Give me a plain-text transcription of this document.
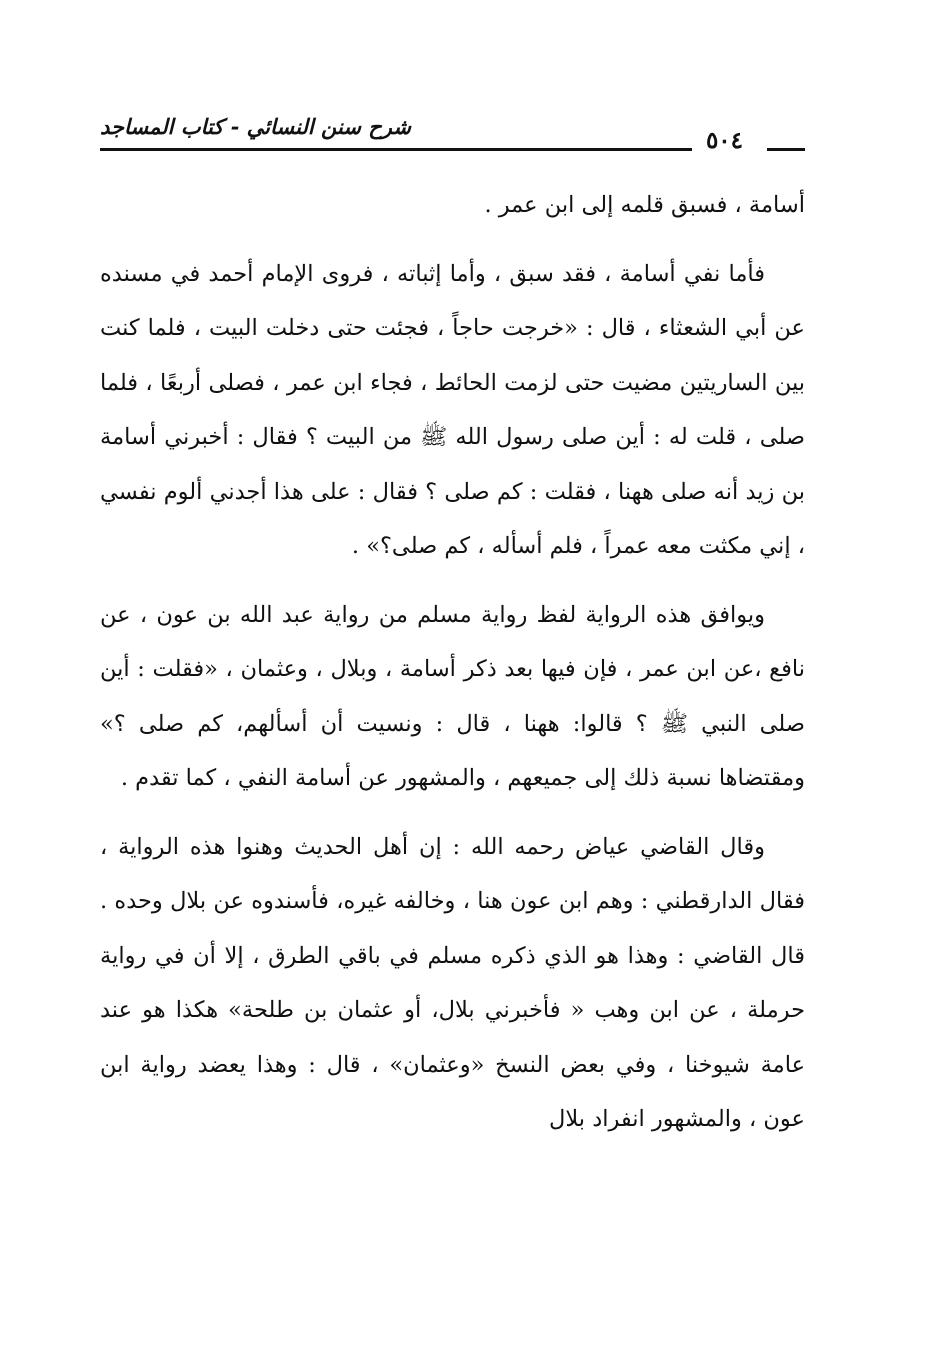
شرح سنن النسائي - كتاب المساجد
٥٠٤

أسامة ، فسبق قلمه إلى ابن عمر .

فأما نفي أسامة ، فقد سبق ، وأما إثباته ، فروى الإمام أحمد في مسنده عن أبي الشعثاء ، قال : «خرجت حاجاً ، فجئت حتى دخلت البيت ، فلما كنت بين الساريتين مضيت حتى لزمت الحائط ، فجاء ابن عمر ، فصلى أربعًا ، فلما صلى ، قلت له : أين صلى رسول الله ﷺ من البيت ؟ فقال : أخبرني أسامة بن زيد أنه صلى ههنا ، فقلت : كم صلى ؟ فقال : على هذا أجدني ألوم نفسي ، إني مكثت معه عمراً ، فلم أسأله ، كم صلى؟» .

ويوافق هذه الرواية لفظ رواية مسلم من رواية عبد الله بن عون ، عن نافع ،عن ابن عمر ، فإن فيها بعد ذكر أسامة ، وبلال ، وعثمان ، «فقلت : أين صلى النبي ﷺ ؟ قالوا: ههنا ، قال : ونسيت أن أسألهم، كم صلى ؟» ومقتضاها نسبة ذلك إلى جميعهم ، والمشهور عن أسامة النفي ، كما تقدم .

وقال القاضي عياض رحمه الله : إن أهل الحديث وهنوا هذه الرواية ، فقال الدارقطني : وهم ابن عون هنا ، وخالفه غيره، فأسندوه عن بلال وحده . قال القاضي : وهذا هو الذي ذكره مسلم في باقي الطرق ، إلا أن في رواية حرملة ، عن ابن وهب « فأخبرني بلال، أو عثمان بن طلحة» هكذا هو عند عامة شيوخنا ، وفي بعض النسخ «وعثمان» ، قال : وهذا يعضد رواية ابن عون ، والمشهور انفراد بلال
